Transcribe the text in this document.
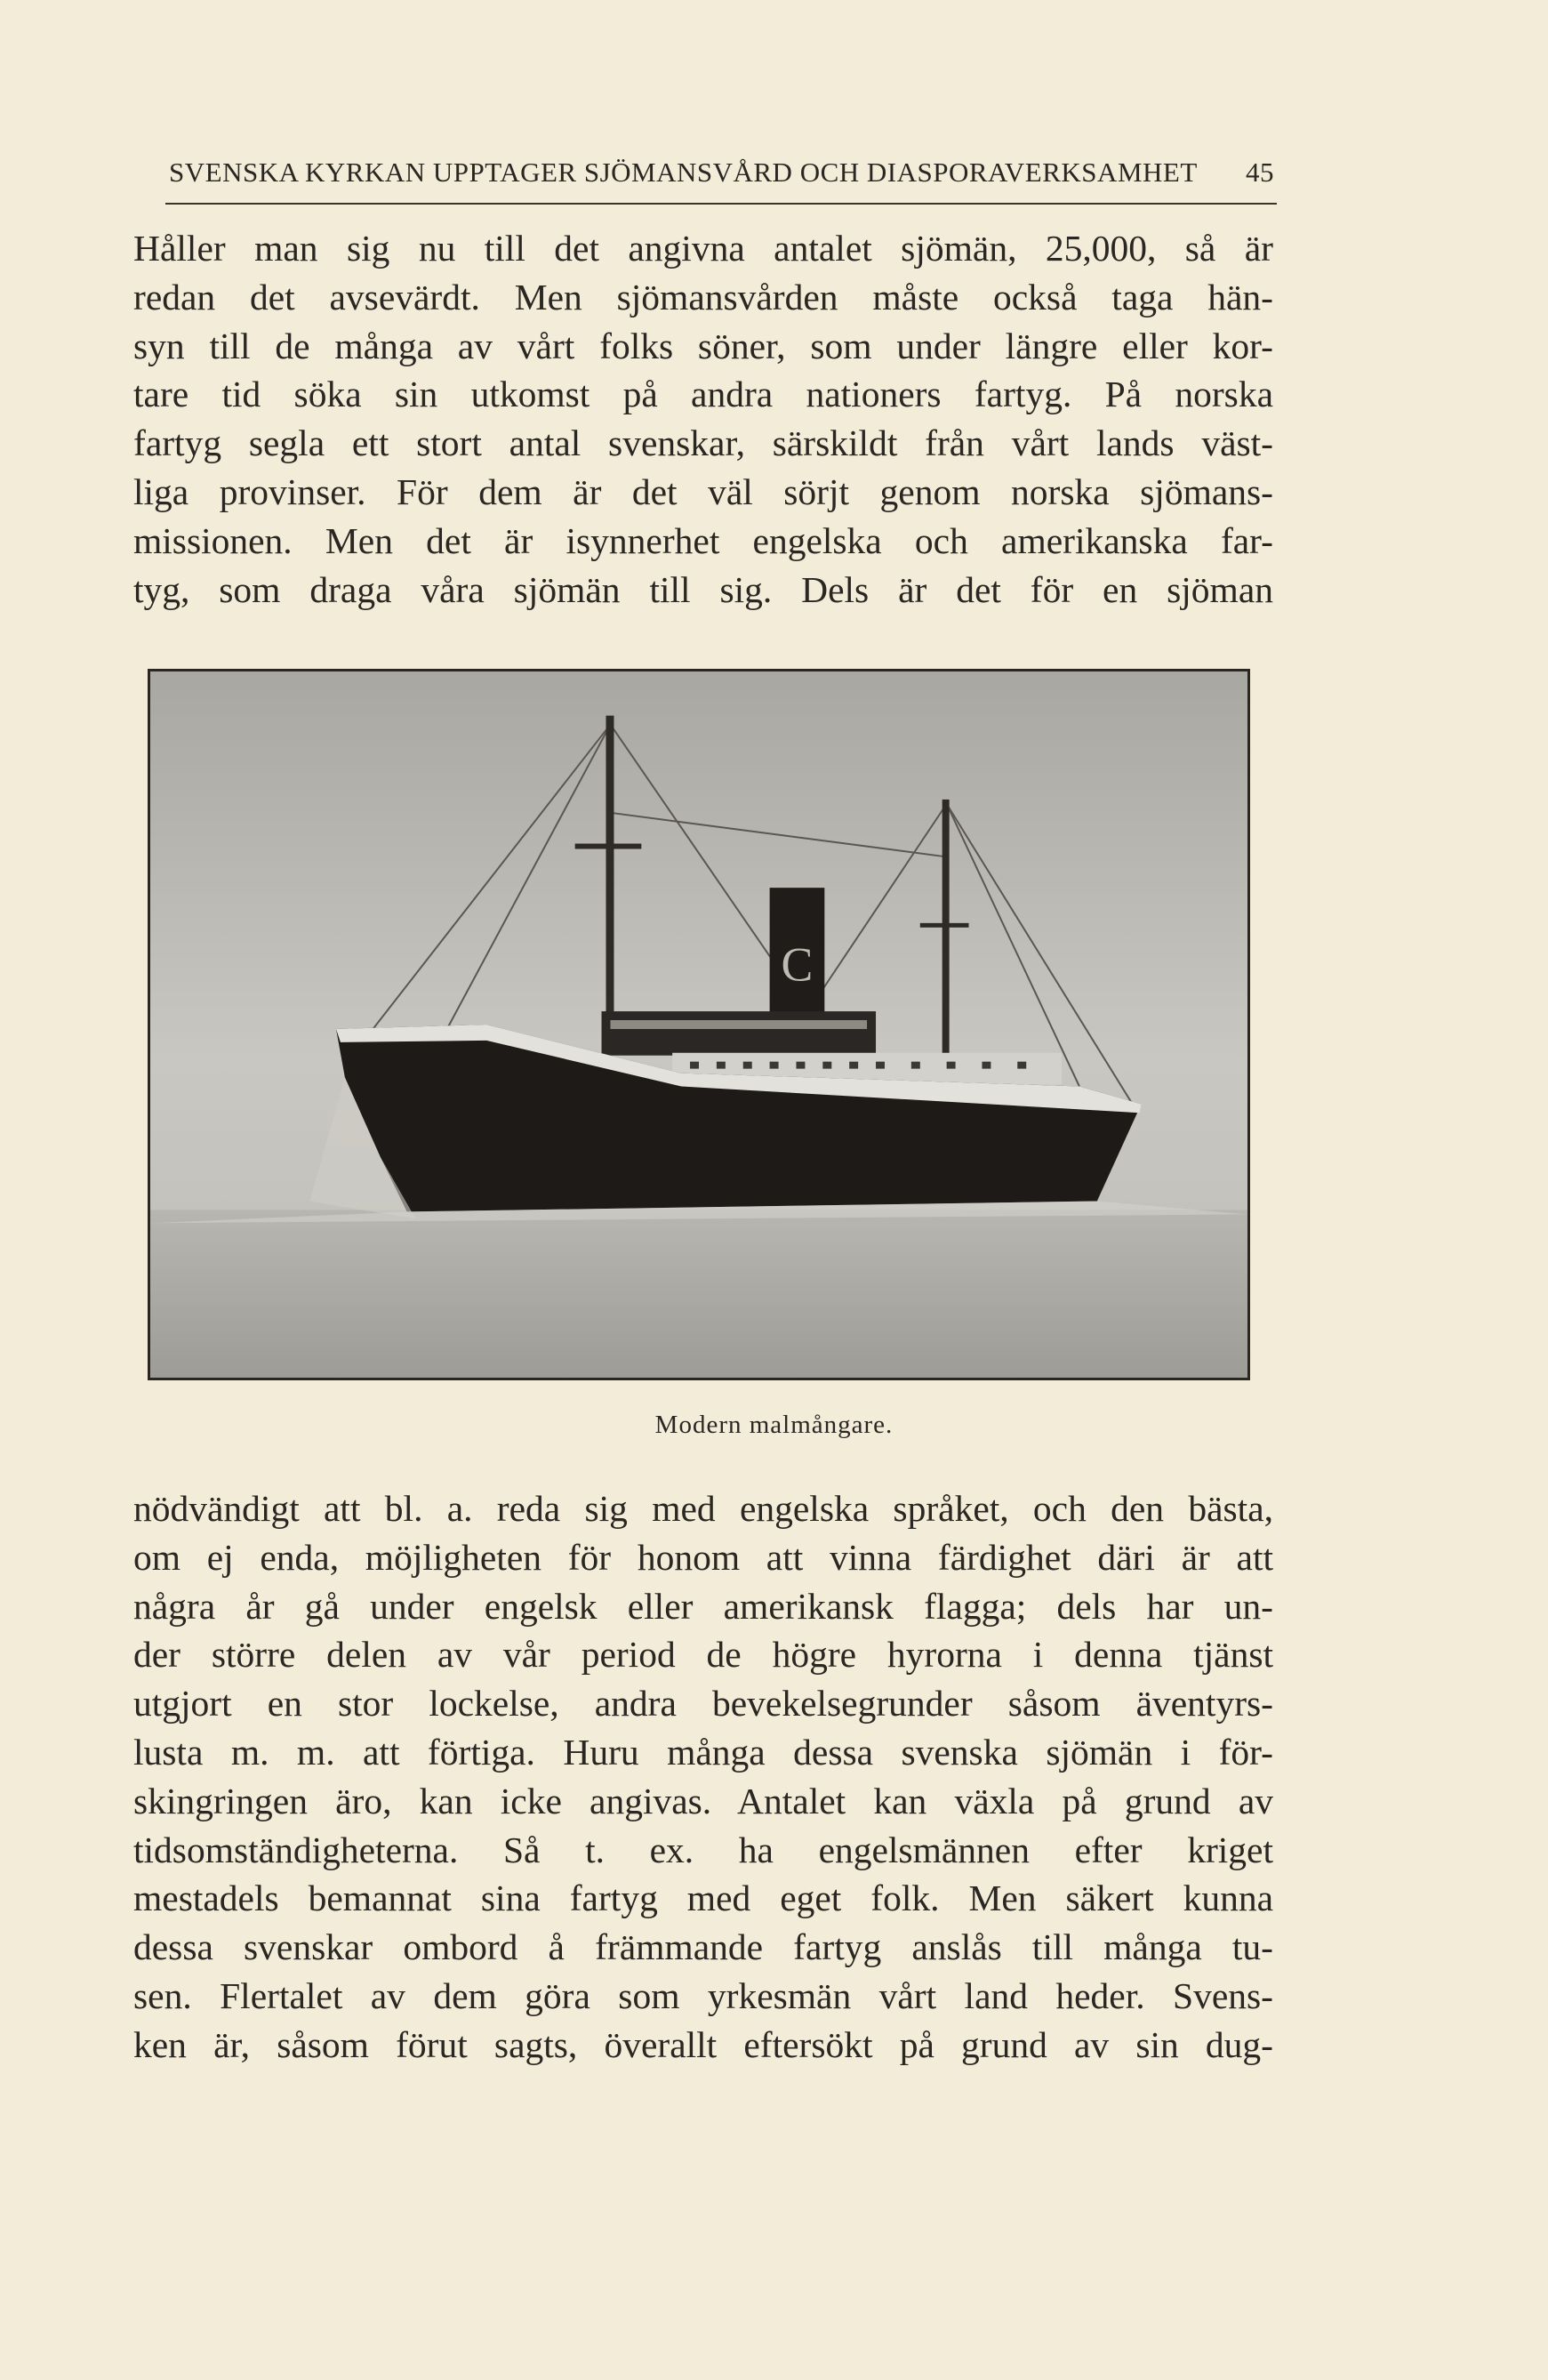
SVENSKA KYRKAN UPPTAGER SJÖMANSVÅRD OCH DIASPORAVERKSAMHET 45
Håller man sig nu till det angivna antalet sjömän, 25,000, så är
redan det avsevärdt. Men sjömansvården måste också taga hän-
syn till de många av vårt folks söner, som under längre eller kor-
tare tid söka sin utkomst på andra nationers fartyg. På norska
fartyg segla ett stort antal svenskar, särskildt från vårt lands väst-
liga provinser. För dem är det väl sörjt genom norska sjömans-
missionen. Men det är isynnerhet engelska och amerikanska far-
tyg, som draga våra sjömän till sig. Dels är det för en sjöman
C
Modern malmångare.
nödvändigt att bl. a. reda sig med engelska språket, och den bästa,
om ej enda, möjligheten för honom att vinna färdighet däri är att
några år gå under engelsk eller amerikansk flagga; dels har un-
der större delen av vår period de högre hyrorna i denna tjänst
utgjort en stor lockelse, andra bevekelsegrunder såsom äventyrs-
lusta m. m. att förtiga. Huru många dessa svenska sjömän i för-
skingringen äro, kan icke angivas. Antalet kan växla på grund av
tidsomständigheterna. Så t. ex. ha engelsmännen efter kriget
mestadels bemannat sina fartyg med eget folk. Men säkert kunna
dessa svenskar ombord å främmande fartyg anslås till många tu-
sen. Flertalet av dem göra som yrkesmän vårt land heder. Svens-
ken är, såsom förut sagts, överallt eftersökt på grund av sin dug-
